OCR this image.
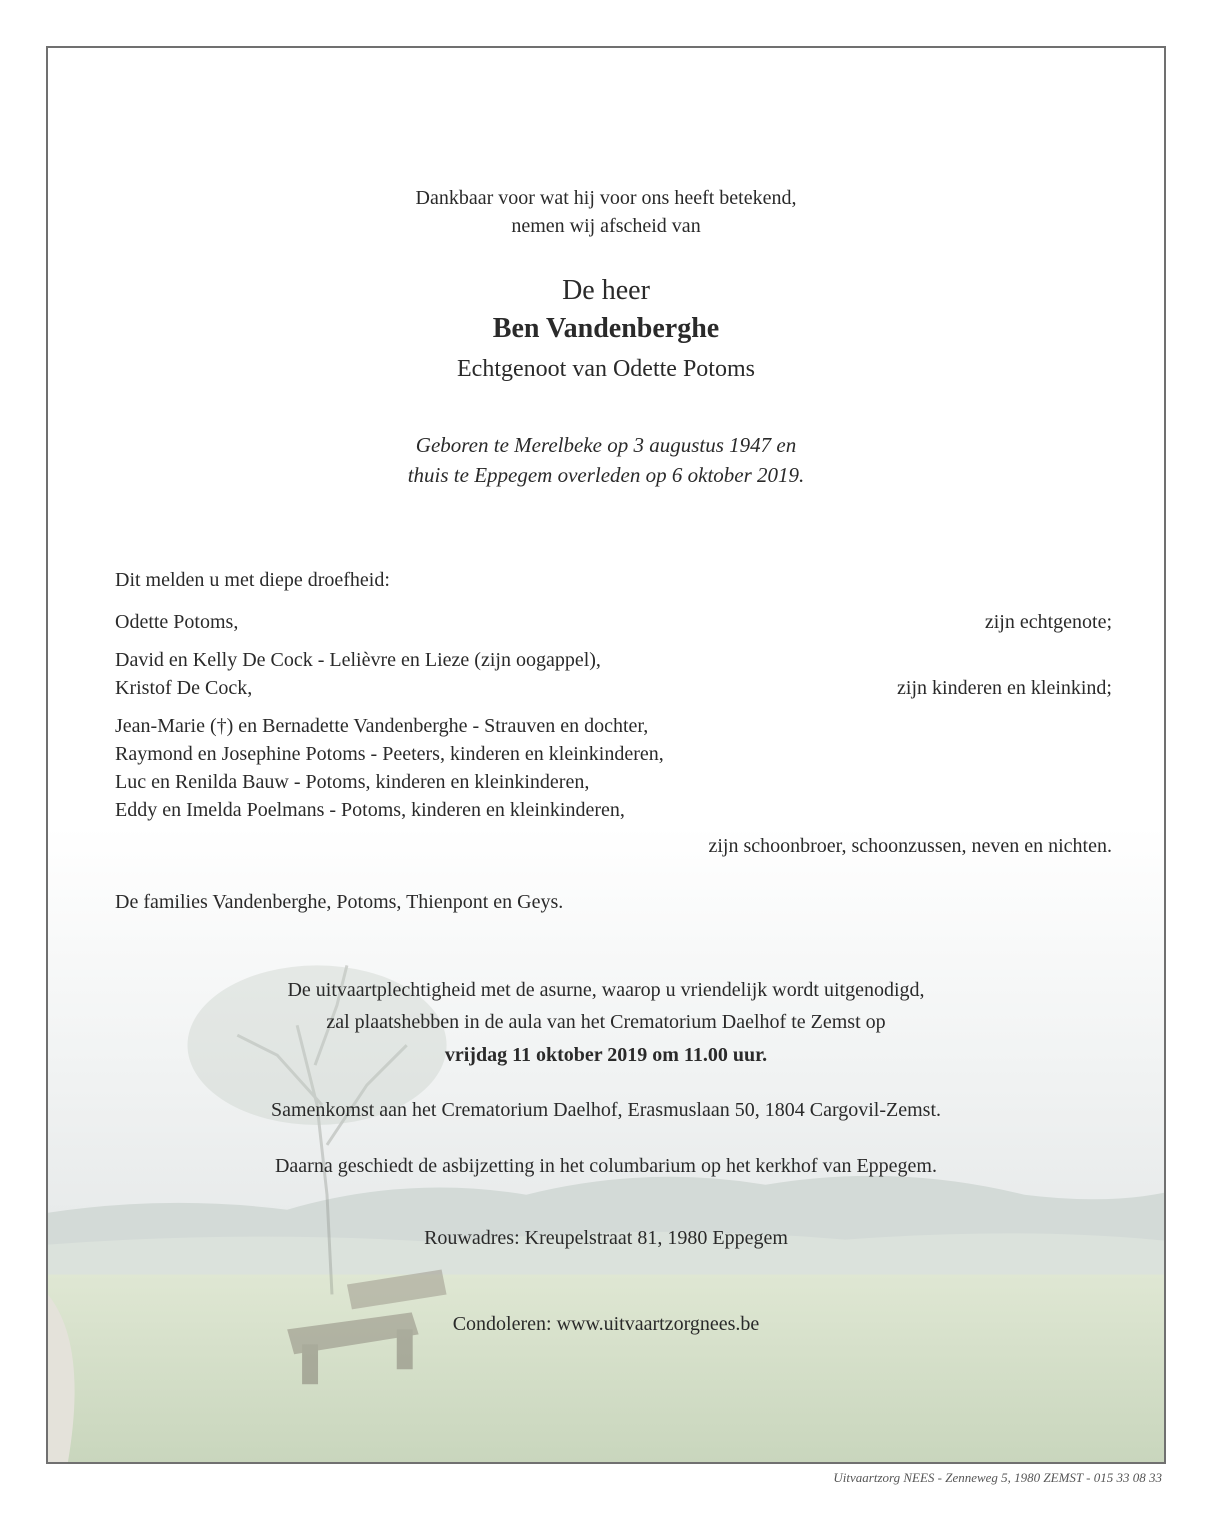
Dankbaar voor wat hij voor ons heeft betekend,
nemen wij afscheid van
De heer
Ben Vandenberghe
Echtgenoot van Odette Potoms
Geboren te Merelbeke op 3 augustus 1947 en
thuis te Eppegem overleden op 6 oktober 2019.
Dit melden u met diepe droefheid:
Odette Potoms,	zijn echtgenote;
David en Kelly De Cock - Lelièvre en Lieze (zijn oogappel),
Kristof De Cock,	zijn kinderen en kleinkind;
Jean-Marie (†) en Bernadette Vandenberghe - Strauven en dochter,
Raymond en Josephine Potoms - Peeters, kinderen en kleinkinderen,
Luc en Renilda Bauw - Potoms, kinderen en kleinkinderen,
Eddy en Imelda Poelmans - Potoms, kinderen en kleinkinderen,
zijn schoonbroer, schoonzussen, neven en nichten.
De families Vandenberghe, Potoms, Thienpont en Geys.
De uitvaartplechtigheid met de asurne, waarop u vriendelijk wordt uitgenodigd,
zal plaatshebben in de aula van het Crematorium Daelhof te Zemst op
vrijdag 11 oktober 2019 om 11.00 uur.
Samenkomst aan het Crematorium Daelhof, Erasmuslaan 50, 1804 Cargovil-Zemst.
Daarna geschiedt de asbijzetting in het columbarium op het kerkhof van Eppegem.
Rouwadres: Kreupelstraat 81, 1980 Eppegem
Condoleren: www.uitvaartzorgnees.be
Uitvaartzorg NEES - Zenneweg 5, 1980 ZEMST - 015 33 08 33
